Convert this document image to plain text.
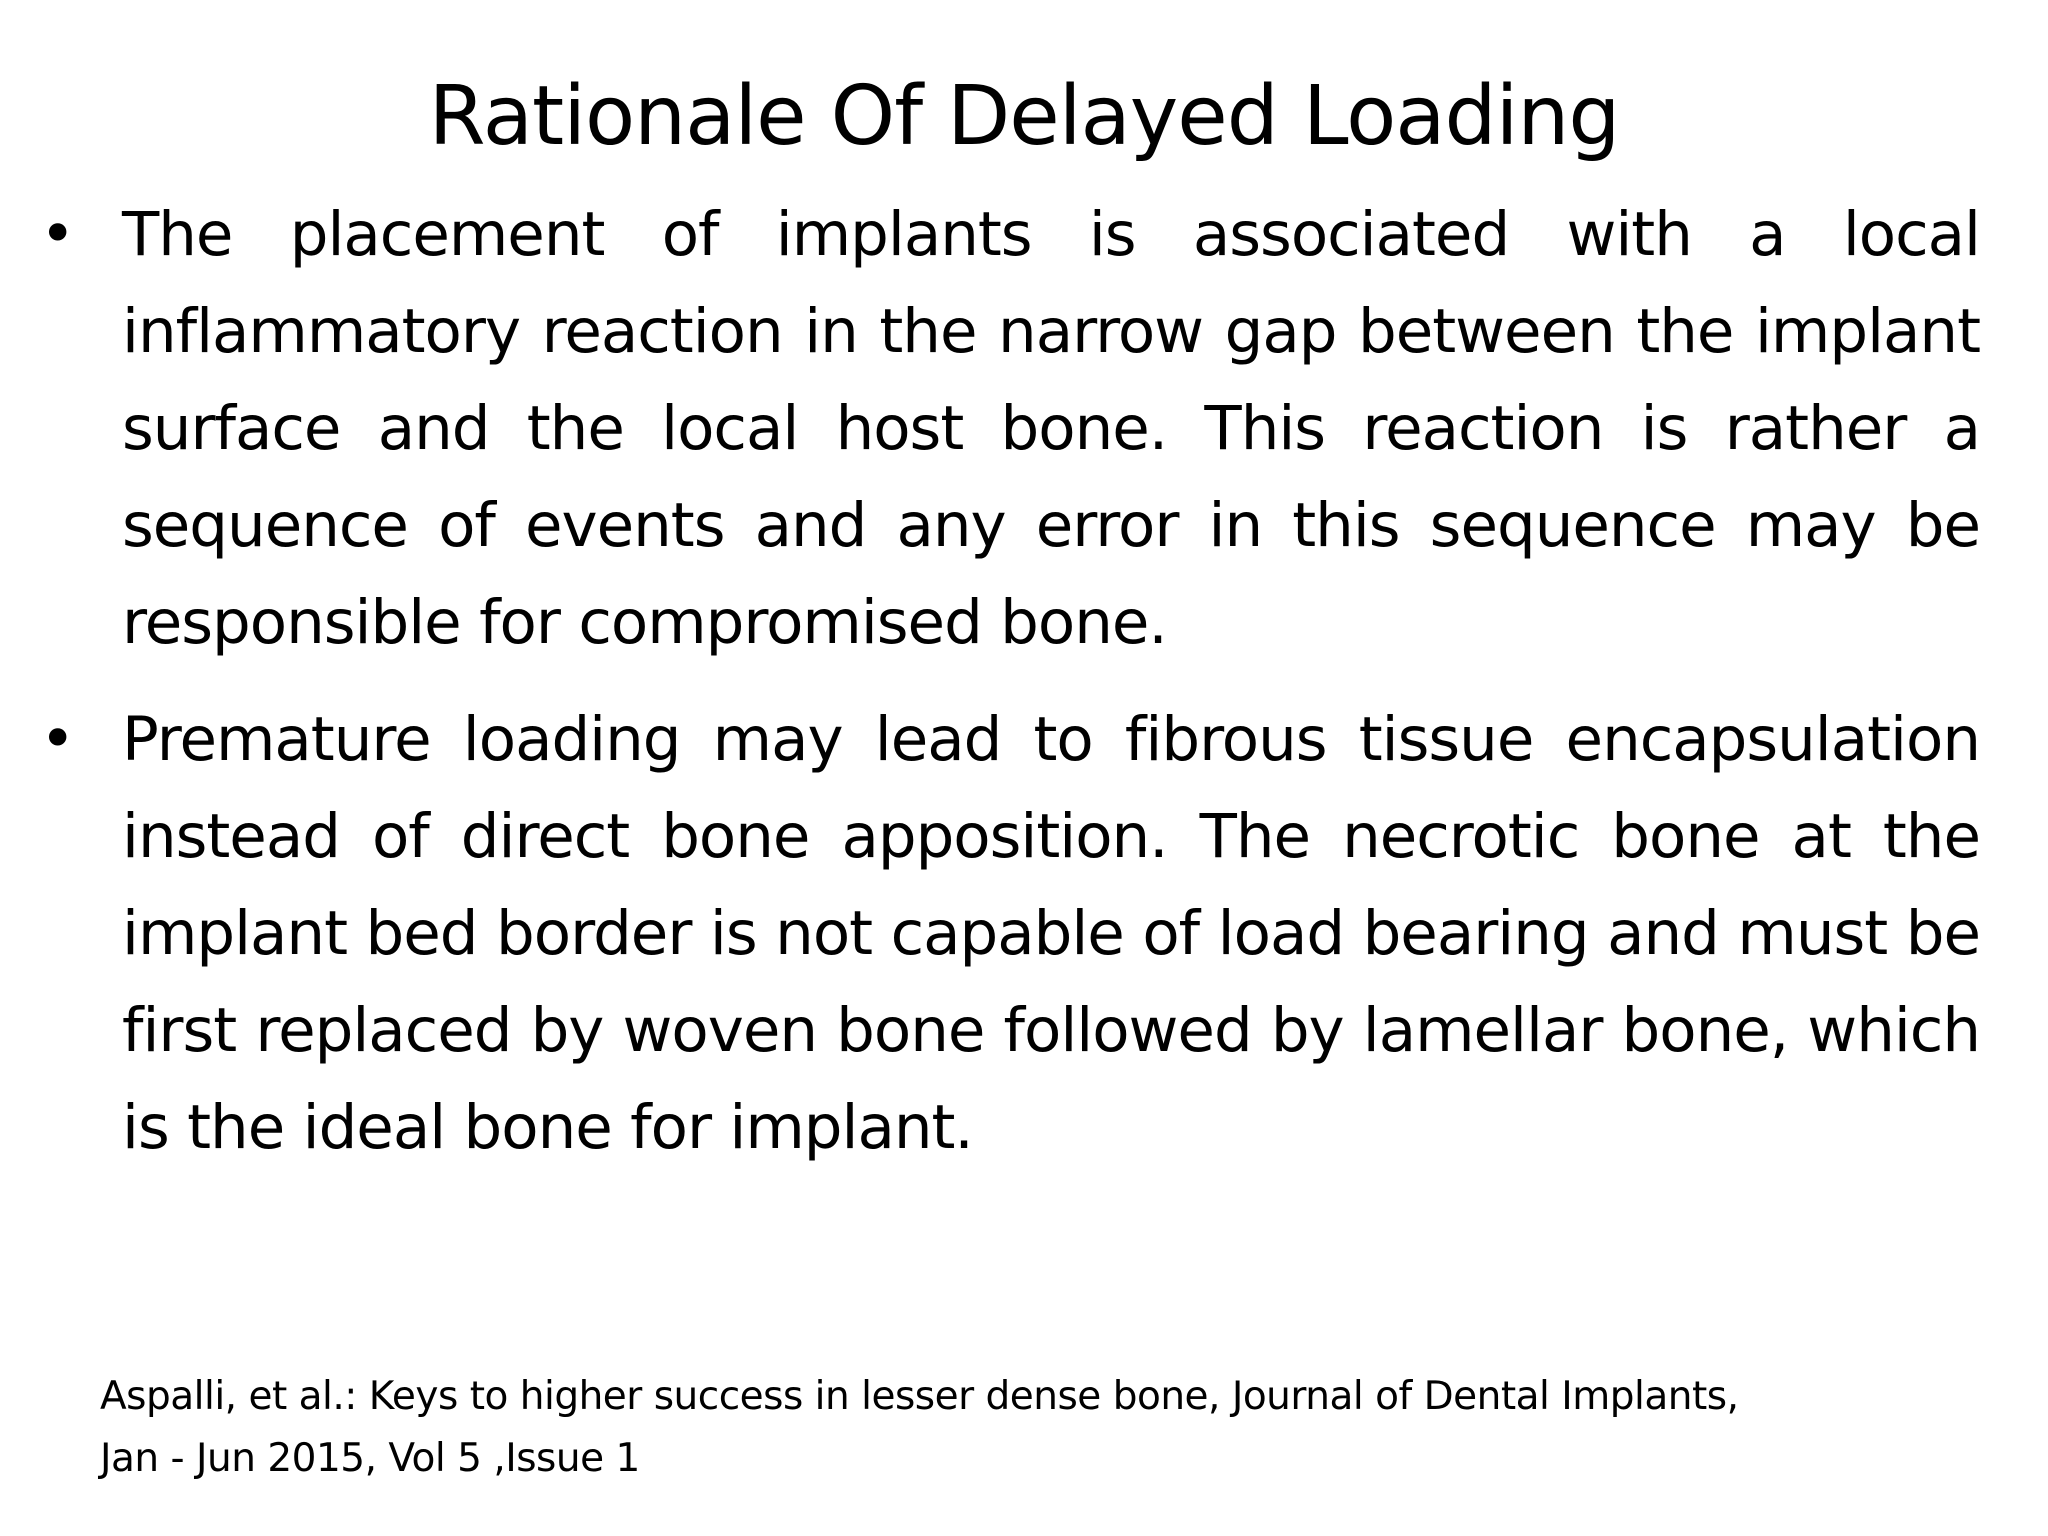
Rationale Of Delayed Loading
• The placement of implants is associated with a local inflammatory reaction in the narrow gap between the implant surface and the local host bone. This reaction is rather a sequence of events and any error in this sequence may be responsible for compromised bone.
• Premature loading may lead to fibrous tissue encapsulation instead of direct bone apposition. The necrotic bone at the implant bed border is not capable of load bearing and must be first replaced by woven bone followed by lamellar bone, which is the ideal bone for implant.

Aspalli, et al.: Keys to higher success in lesser dense bone, Journal of Dental Implants,
Jan - Jun 2015, Vol 5 ,Issue 1
